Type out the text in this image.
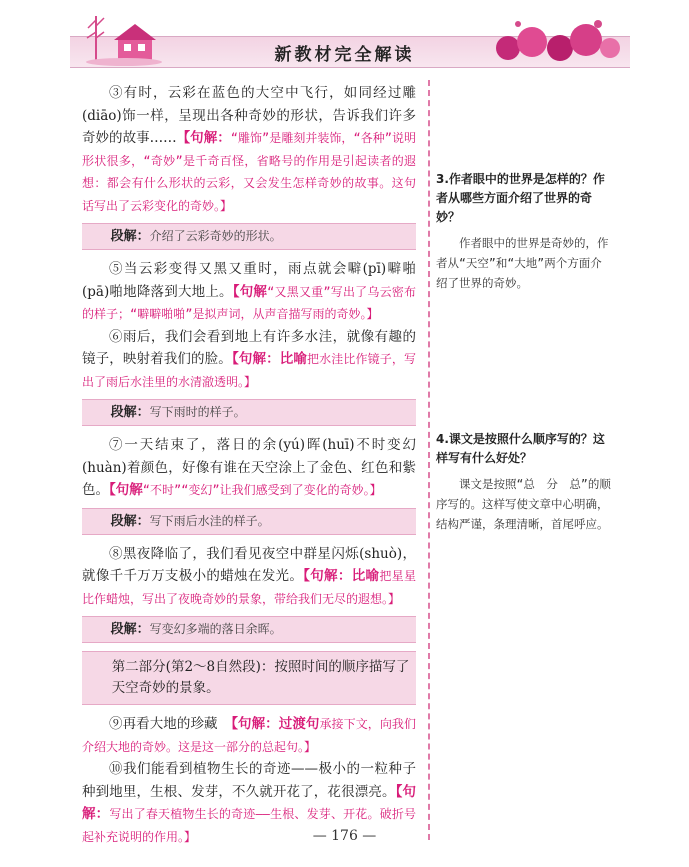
新教材完全解读

③有时，云彩在蓝色的大空中飞行，如同经过雕(diāo)饰一样，呈现出各种奇妙的形状，告诉我们许多奇妙的故事……【句解：“雕饰”是雕刻并装饰，“各种”说明形状很多，“奇妙”是千奇百怪，省略号的作用是引起读者的遐想：都会有什么形状的云彩，又会发生怎样奇妙的故事。这句话写出了云彩变化的奇妙。】

段解：介绍了云彩奇妙的形状。

⑤当云彩变得又黑又重时，雨点就会噼(pī)噼啪(pā)啪地降落到大地上。【句解“又黑又重”写出了乌云密布的样子；“噼噼啪啪”是拟声词，从声音描写雨的奇妙。】

⑥雨后，我们会看到地上有许多水洼，就像有趣的镜子，映射着我们的脸。【句解：比喻把水洼比作镜子，写出了雨后水洼里的水清澈透明。】

段解：写下雨时的样子。

⑦一天结束了，落日的余(yú)晖(huī)不时变幻(huàn)着颜色，好像有谁在天空涂上了金色、红色和紫色。【句解“不时”“变幻”让我们感受到了变化的奇妙。】

段解：写下雨后水洼的样子。

⑧黑夜降临了，我们看见夜空中群星闪烁(shuò)，就像千千万万支极小的蜡烛在发光。【句解：比喻把星星比作蜡烛，写出了夜晚奇妙的景象，带给我们无尽的遐想。】

段解：写变幻多端的落日余晖。
第二部分(第2～8自然段)：按照时间的顺序描写了天空奇妙的景象。

⑨再看大地的珍藏　 【句解：过渡句承接下文，向我们介绍大地的奇妙。这是这一部分的总起句。】

⑩我们能看到植物生长的奇迹——极小的一粒种子种到地里，生根、发芽，不久就开花了，花很漂亮。【句解：写出了春天植物生长的奇迹——生根、发芽、开花。破折号起补充说明的作用。】

3.作者眼中的世界是怎样的？作者从哪些方面介绍了世界的奇妙？

作者眼中的世界是奇妙的，作者从“天空”和“大地”两个方面介绍了世界的奇妙。

4.课文是按照什么顺序写的？这样写有什么好处？

课文是按照“总　分　总”的顺序写的。这样写使文章中心明确，结构严谨，条理清晰，首尾呼应。

— 176 —
